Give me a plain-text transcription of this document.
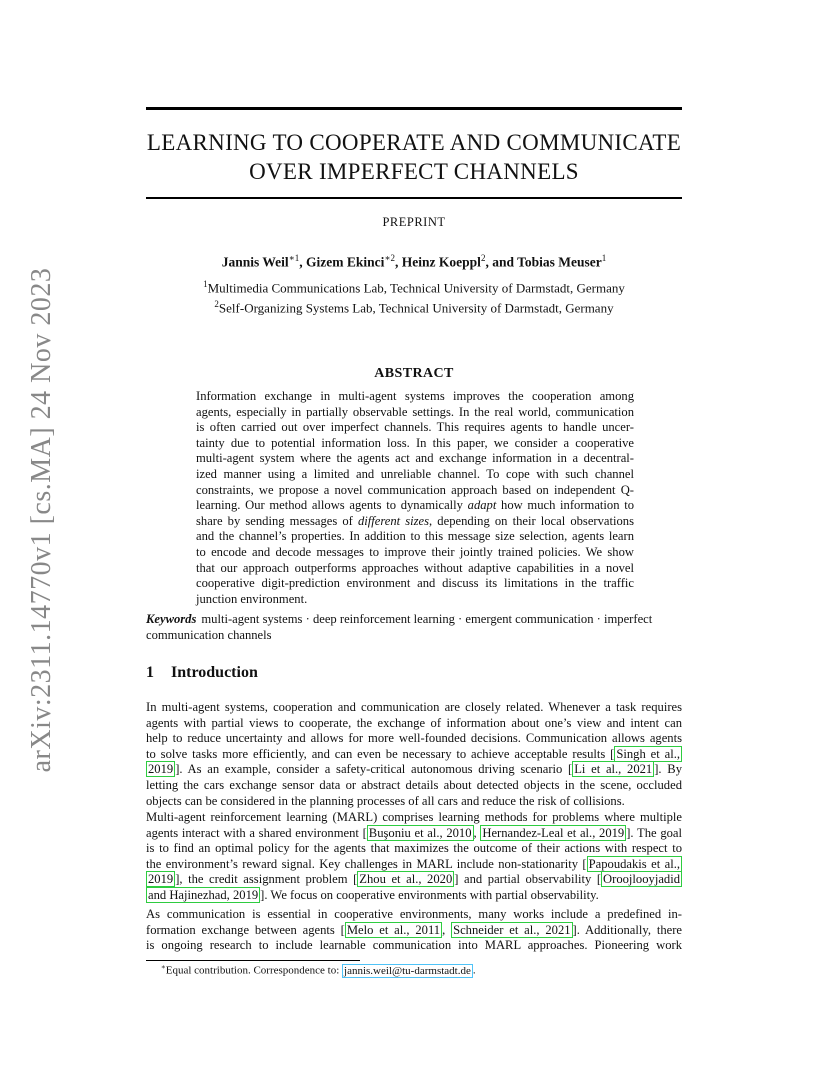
arXiv:2311.14770v1 [cs.MA] 24 Nov 2023
LEARNING TO COOPERATE AND COMMUNICATE
OVER IMPERFECT CHANNELS
PREPRINT
Jannis Weil$^{∗1}$, Gizem Ekinci$^{∗2}$, Heinz Koeppl$^2$, and Tobias Meuser$^1$
$^1$Multimedia Communications Lab, Technical University of Darmstadt, Germany
$^2$Self-Organizing Systems Lab, Technical University of Darmstadt, Germany
ABSTRACT
Information exchange in multi-agent systems improves the cooperation among
agents, especially in partially observable settings. In the real world, communication
is often carried out over imperfect channels. This requires agents to handle uncer-
tainty due to potential information loss. In this paper, we consider a cooperative
multi-agent system where the agents act and exchange information in a decentral-
ized manner using a limited and unreliable channel. To cope with such channel
constraints, we propose a novel communication approach based on independent Q-
learning. Our method allows agents to dynamically adapt how much information to
share by sending messages of different sizes, depending on their local observations
and the channel’s properties. In addition to this message size selection, agents learn
to encode and decode messages to improve their jointly trained policies. We show
that our approach outperforms approaches without adaptive capabilities in a novel
cooperative digit-prediction environment and discuss its limitations in the traffic
junction environment.
Keywords multi-agent systems · deep reinforcement learning · emergent communication · imperfect
communication channels
1 Introduction
In multi-agent systems, cooperation and communication are closely related. Whenever a task requires
agents with partial views to cooperate, the exchange of information about one’s view and intent can
help to reduce uncertainty and allows for more well-founded decisions. Communication allows agents
to solve tasks more efficiently, and can even be necessary to achieve acceptable results [ Singh et al.,
2019 ]. As an example, consider a safety-critical autonomous driving scenario [ Li et al., 2021 ]. By
letting the cars exchange sensor data or abstract details about detected objects in the scene, occluded
objects can be considered in the planning processes of all cars and reduce the risk of collisions.
Multi-agent reinforcement learning (MARL) comprises learning methods for problems where multiple
agents interact with a shared environment [ Buşoniu et al., 2010 , Hernandez-Leal et al., 2019 ]. The goal
is to find an optimal policy for the agents that maximizes the outcome of their actions with respect to
the environment’s reward signal. Key challenges in MARL include non-stationarity [ Papoudakis et al.,
2019 ], the credit assignment problem [ Zhou et al., 2020 ] and partial observability [ Oroojlooyjadid
and Hajinezhad, 2019 ]. We focus on cooperative environments with partial observability.
As communication is essential in cooperative environments, many works include a predefined in-
formation exchange between agents [ Melo et al., 2011 , Schneider et al., 2021 ]. Additionally, there
is ongoing research to include learnable communication into MARL approaches. Pioneering work
∗Equal contribution. Correspondence to: jannis.weil@tu-darmstadt.de .
